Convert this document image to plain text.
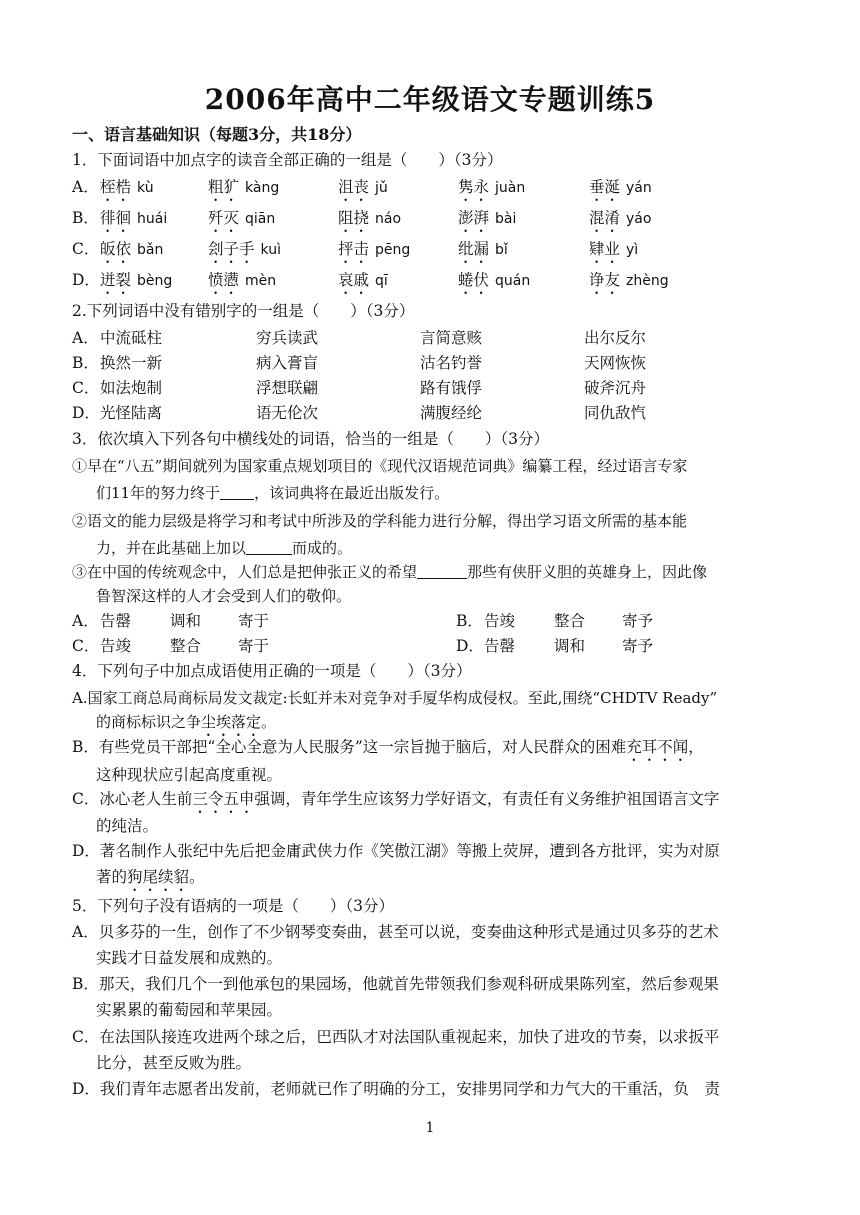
2006年高中二年级语文专题训练5
一、语言基础知识（每题3分，共18分）
1．下面词语中加点字的读音全部正确的一组是（　　）（3分）
A． 桎梏 kù	粗犷 kàng	沮丧 jǔ	隽永 juàn	垂涎 yán
B． 徘徊 huái	歼灭 qiān	阻挠 náo	澎湃 bài	混淆 yáo
C． 皈依 bǎn	刽子手 kuì	抨击 pēng	纰漏 bǐ	肄业 yì
D． 迸裂 bèng 愤懑 mèn	哀戚 qī	蜷伏 quán	诤友 zhèng
2.下列词语中没有错别字的一组是（　　）（3分）
A． 中流砥柱	穷兵读武	言简意赅	出尔反尔
B． 换然一新	病入膏盲	沽名钓誉	天网恢恢
C． 如法炮制	浮想联翩	路有饿俘	破斧沉舟
D． 光怪陆离	语无伦次	满腹经纶	同仇敌忾
3．依次填入下列各句中横线处的词语，恰当的一组是（　　）（3分）
①早在“八五”期间就列为国家重点规划项目的《现代汉语规范词典》编纂工程，经过语言专家
们11年的努力终于 ，该词典将在最近出版发行。
②语文的能力层级是将学习和考试中所涉及的学科能力进行分解，得出学习语文所需的基本能
力，并在此基础上加以	而成的。
③在中国的传统观念中，人们总是把伸张正义的希望	那些有侠肝义胆的英雄身上，因此像
鲁智深这样的人才会受到人们的敬仰。
A． 告罄	调和 寄于	B． 告竣	整合 寄予
C． 告竣	整合 寄于	D． 告罄	调和 寄予
4．下列句子中加点成语使用正确的一项是（　　）（3分）
A.国家工商总局商标局发文裁定:长虹并未对竞争对手厦华构成侵权。至此,围绕“CHDTV Ready”
的商标标识之争尘埃落定。
B．有些党员干部把“全心全意为人民服务”这一宗旨抛于脑后，对人民群众的困难充耳不闻，
这种现状应引起高度重视。
C．冰心老人生前三令五申强调，青年学生应该努力学好语文，有责任有义务维护祖国语言文字
的纯洁。
D．著名制作人张纪中先后把金庸武侠力作《笑傲江湖》等搬上荧屏，遭到各方批评，实为对原
著的狗尾续貂。
5．下列句子没有语病的一项是（　　）（3分）
A．贝多芬的一生，创作了不少钢琴变奏曲，甚至可以说，变奏曲这种形式是通过贝多芬的艺术
实践才日益发展和成熟的。
B．那天，我们几个一到他承包的果园场，他就首先带领我们参观科研成果陈列室，然后参观果
实累累的葡萄园和苹果园。
C．在法国队接连攻进两个球之后，巴西队才对法国队重视起来，加快了进攻的节奏，以求扳平
比分，甚至反败为胜。
D．我们青年志愿者出发前，老师就已作了明确的分工，安排男同学和力气大的干重活，负　责
1
